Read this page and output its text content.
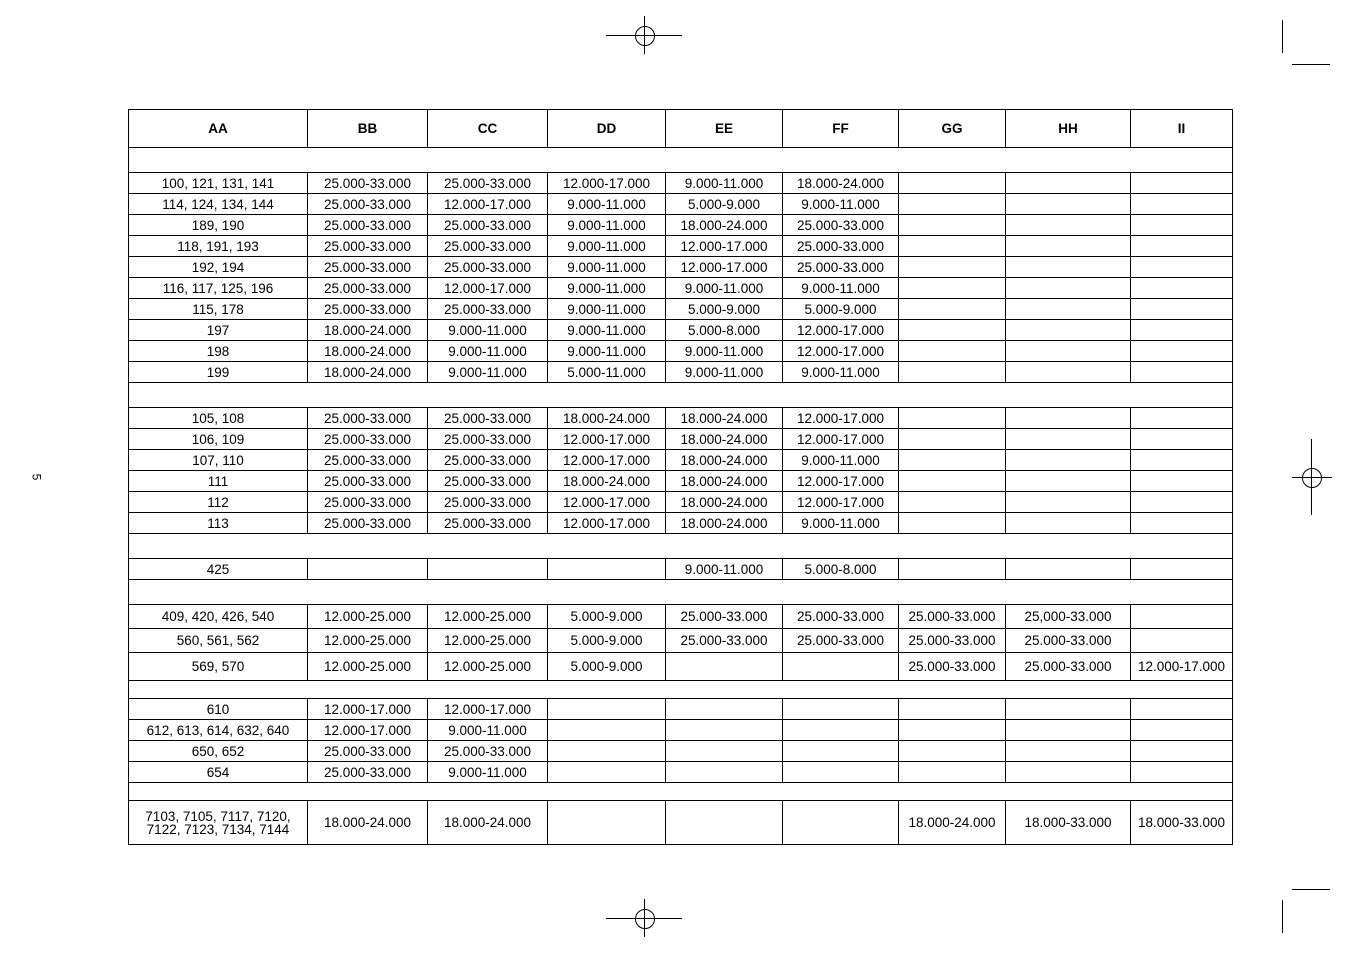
5
AA	BB	CC	DD	EE	FF	GG	HH	II

100, 121, 131, 141	25.000-33.000	25.000-33.000	12.000-17.000	9.000-11.000	18.000-24.000			
114, 124, 134, 144	25.000-33.000	12.000-17.000	9.000-11.000	5.000-9.000	9.000-11.000			
189, 190	25.000-33.000	25.000-33.000	9.000-11.000	18.000-24.000	25.000-33.000			
118, 191, 193	25.000-33.000	25.000-33.000	9.000-11.000	12.000-17.000	25.000-33.000			
192, 194	25.000-33.000	25.000-33.000	9.000-11.000	12.000-17.000	25.000-33.000			
116, 117, 125, 196	25.000-33.000	12.000-17.000	9.000-11.000	9.000-11.000	9.000-11.000			
115, 178	25.000-33.000	25.000-33.000	9.000-11.000	5.000-9.000	5.000-9.000			
197	18.000-24.000	9.000-11.000	9.000-11.000	5.000-8.000	12.000-17.000			
198	18.000-24.000	9.000-11.000	9.000-11.000	9.000-11.000	12.000-17.000			
199	18.000-24.000	9.000-11.000	5.000-11.000	9.000-11.000	9.000-11.000			

105, 108	25.000-33.000	25.000-33.000	18.000-24.000	18.000-24.000	12.000-17.000			
106, 109	25.000-33.000	25.000-33.000	12.000-17.000	18.000-24.000	12.000-17.000			
107, 110	25.000-33.000	25.000-33.000	12.000-17.000	18.000-24.000	9.000-11.000			
111	25.000-33.000	25.000-33.000	18.000-24.000	18.000-24.000	12.000-17.000			
112	25.000-33.000	25.000-33.000	12.000-17.000	18.000-24.000	12.000-17.000			
113	25.000-33.000	25.000-33.000	12.000-17.000	18.000-24.000	9.000-11.000			

425				9.000-11.000	5.000-8.000			

409, 420, 426, 540	12.000-25.000	12.000-25.000	5.000-9.000	25.000-33.000	25.000-33.000	25.000-33.000	25,000-33.000	
560, 561, 562	12.000-25.000	12.000-25.000	5.000-9.000	25.000-33.000	25.000-33.000	25.000-33.000	25.000-33.000	
569, 570	12.000-25.000	12.000-25.000	5.000-9.000			25.000-33.000	25.000-33.000	12.000-17.000

610	12.000-17.000	12.000-17.000						
612, 613, 614, 632, 640	12.000-17.000	9.000-11.000						
650, 652	25.000-33.000	25.000-33.000						
654	25.000-33.000	9.000-11.000						

7103, 7105, 7117, 7120, 7122, 7123, 7134, 7144	18.000-24.000	18.000-24.000				18.000-24.000	18.000-33.000	18.000-33.000
